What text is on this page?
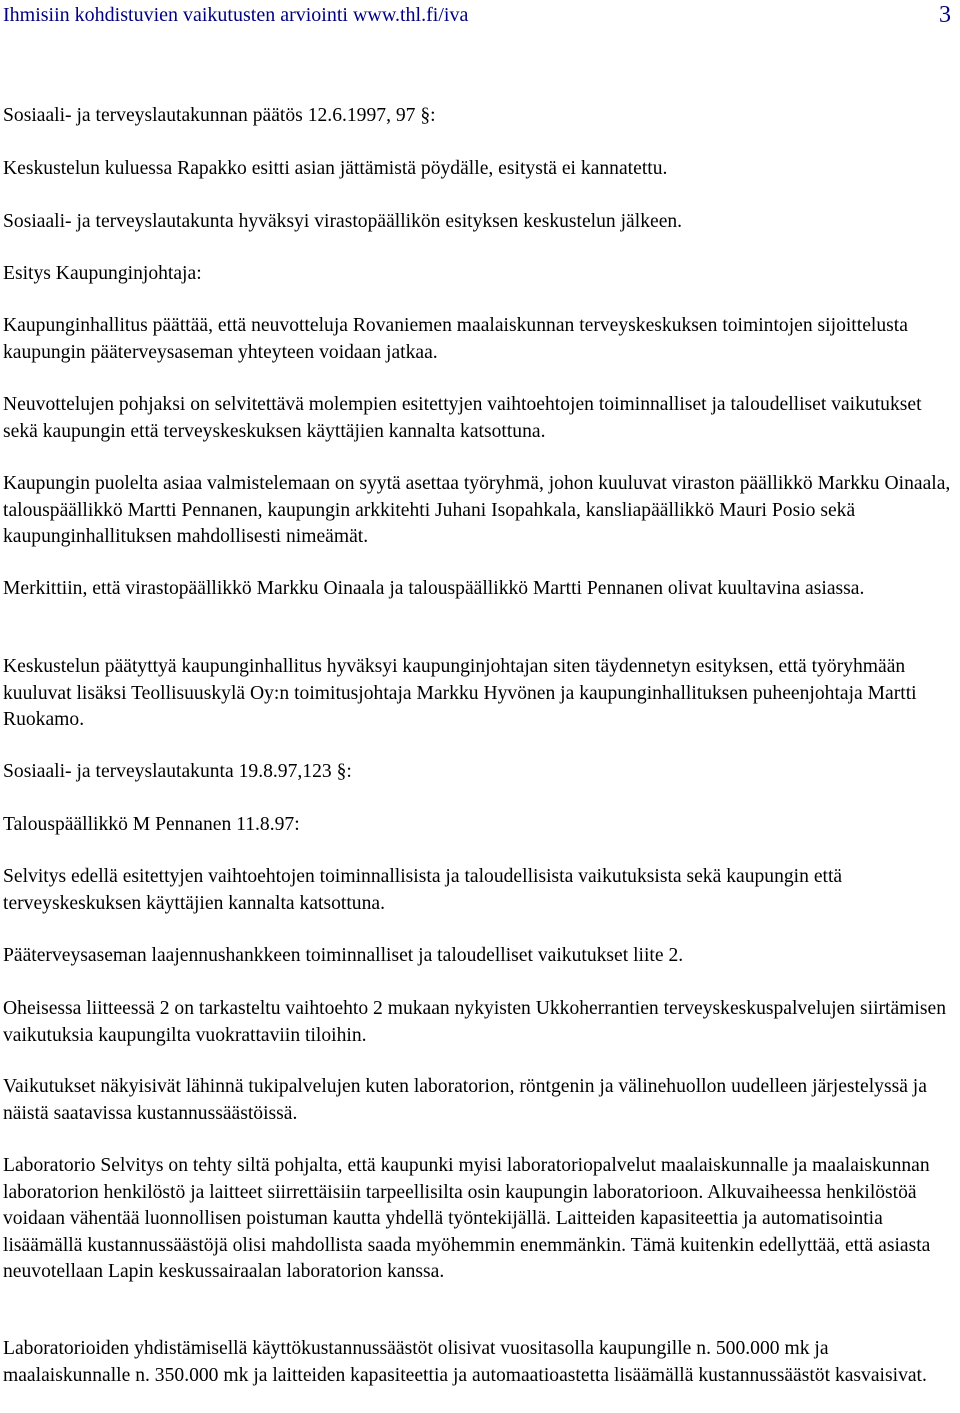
Ihmisiin kohdistuvien vaikutusten arviointi www.thl.fi/iva	3

Sosiaali- ja terveyslautakunnan päätös 12.6.1997, 97 §:

Keskustelun kuluessa Rapakko esitti asian jättämistä pöydälle, esitystä ei kannatettu.

Sosiaali- ja terveyslautakunta hyväksyi virastopäällikön esityksen keskustelun jälkeen.

Esitys Kaupunginjohtaja:

Kaupunginhallitus päättää, että neuvotteluja Rovaniemen maalaiskunnan terveyskeskuksen toimintojen sijoittelusta kaupungin pääterveysaseman yhteyteen voidaan jatkaa.

Neuvottelujen pohjaksi on selvitettävä molempien esitettyjen vaihtoehtojen toiminnalliset ja taloudelliset vaikutukset sekä kaupungin että terveyskeskuksen käyttäjien kannalta katsottuna.

Kaupungin puolelta asiaa valmistelemaan on syytä asettaa työryhmä, johon kuuluvat viraston päällikkö Markku Oinaala, talouspäällikkö Martti Pennanen, kaupungin arkkitehti Juhani Isopahkala, kansliapäällikkö Mauri Posio sekä kaupunginhallituksen mahdollisesti nimeämät.

Merkittiin, että virastopäällikkö Markku Oinaala ja talouspäällikkö Martti Pennanen olivat kuultavina asiassa.

Keskustelun päätyttyä kaupunginhallitus hyväksyi kaupunginjohtajan siten täydennetyn esityksen, että työryhmään kuuluvat lisäksi Teollisuuskylä Oy:n toimitusjohtaja Markku Hyvönen ja kaupunginhallituksen puheenjohtaja Martti Ruokamo.

Sosiaali- ja terveyslautakunta 19.8.97,123 §:

Talouspäällikkö M Pennanen 11.8.97:

Selvitys edellä esitettyjen vaihtoehtojen toiminnallisista ja taloudellisista vaikutuksista sekä kaupungin että terveyskeskuksen käyttäjien kannalta katsottuna.

Pääterveysaseman laajennushankkeen toiminnalliset ja taloudelliset vaikutukset liite 2.

Oheisessa liitteessä 2 on tarkasteltu vaihtoehto 2 mukaan nykyisten Ukkoherrantien terveyskeskuspalvelujen siirtämisen vaikutuksia kaupungilta vuokrattaviin tiloihin.

Vaikutukset näkyisivät lähinnä tukipalvelujen kuten laboratorion, röntgenin ja välinehuollon uudelleen järjestelyssä ja näistä saatavissa kustannussäästöissä.

Laboratorio Selvitys on tehty siltä pohjalta, että kaupunki myisi laboratoriopalvelut maalaiskunnalle ja maalaiskunnan laboratorion henkilöstö ja laitteet siirrettäisiin tarpeellisilta osin kaupungin laboratorioon. Alkuvaiheessa henkilöstöä voidaan vähentää luonnollisen poistuman kautta yhdellä työntekijällä. Laitteiden kapasiteettia ja automatisointia lisäämällä kustannussäästöjä olisi mahdollista saada myöhemmin enemmänkin. Tämä kuitenkin edellyttää, että asiasta neuvotellaan Lapin keskussairaalan laboratorion kanssa.

Laboratorioiden yhdistämisellä käyttökustannussäästöt olisivat vuositasolla kaupungille n. 500.000 mk ja maalaiskunnalle n. 350.000 mk ja laitteiden kapasiteettia ja automaatioastetta lisäämällä kustannussäästöt kasvaisivat.
